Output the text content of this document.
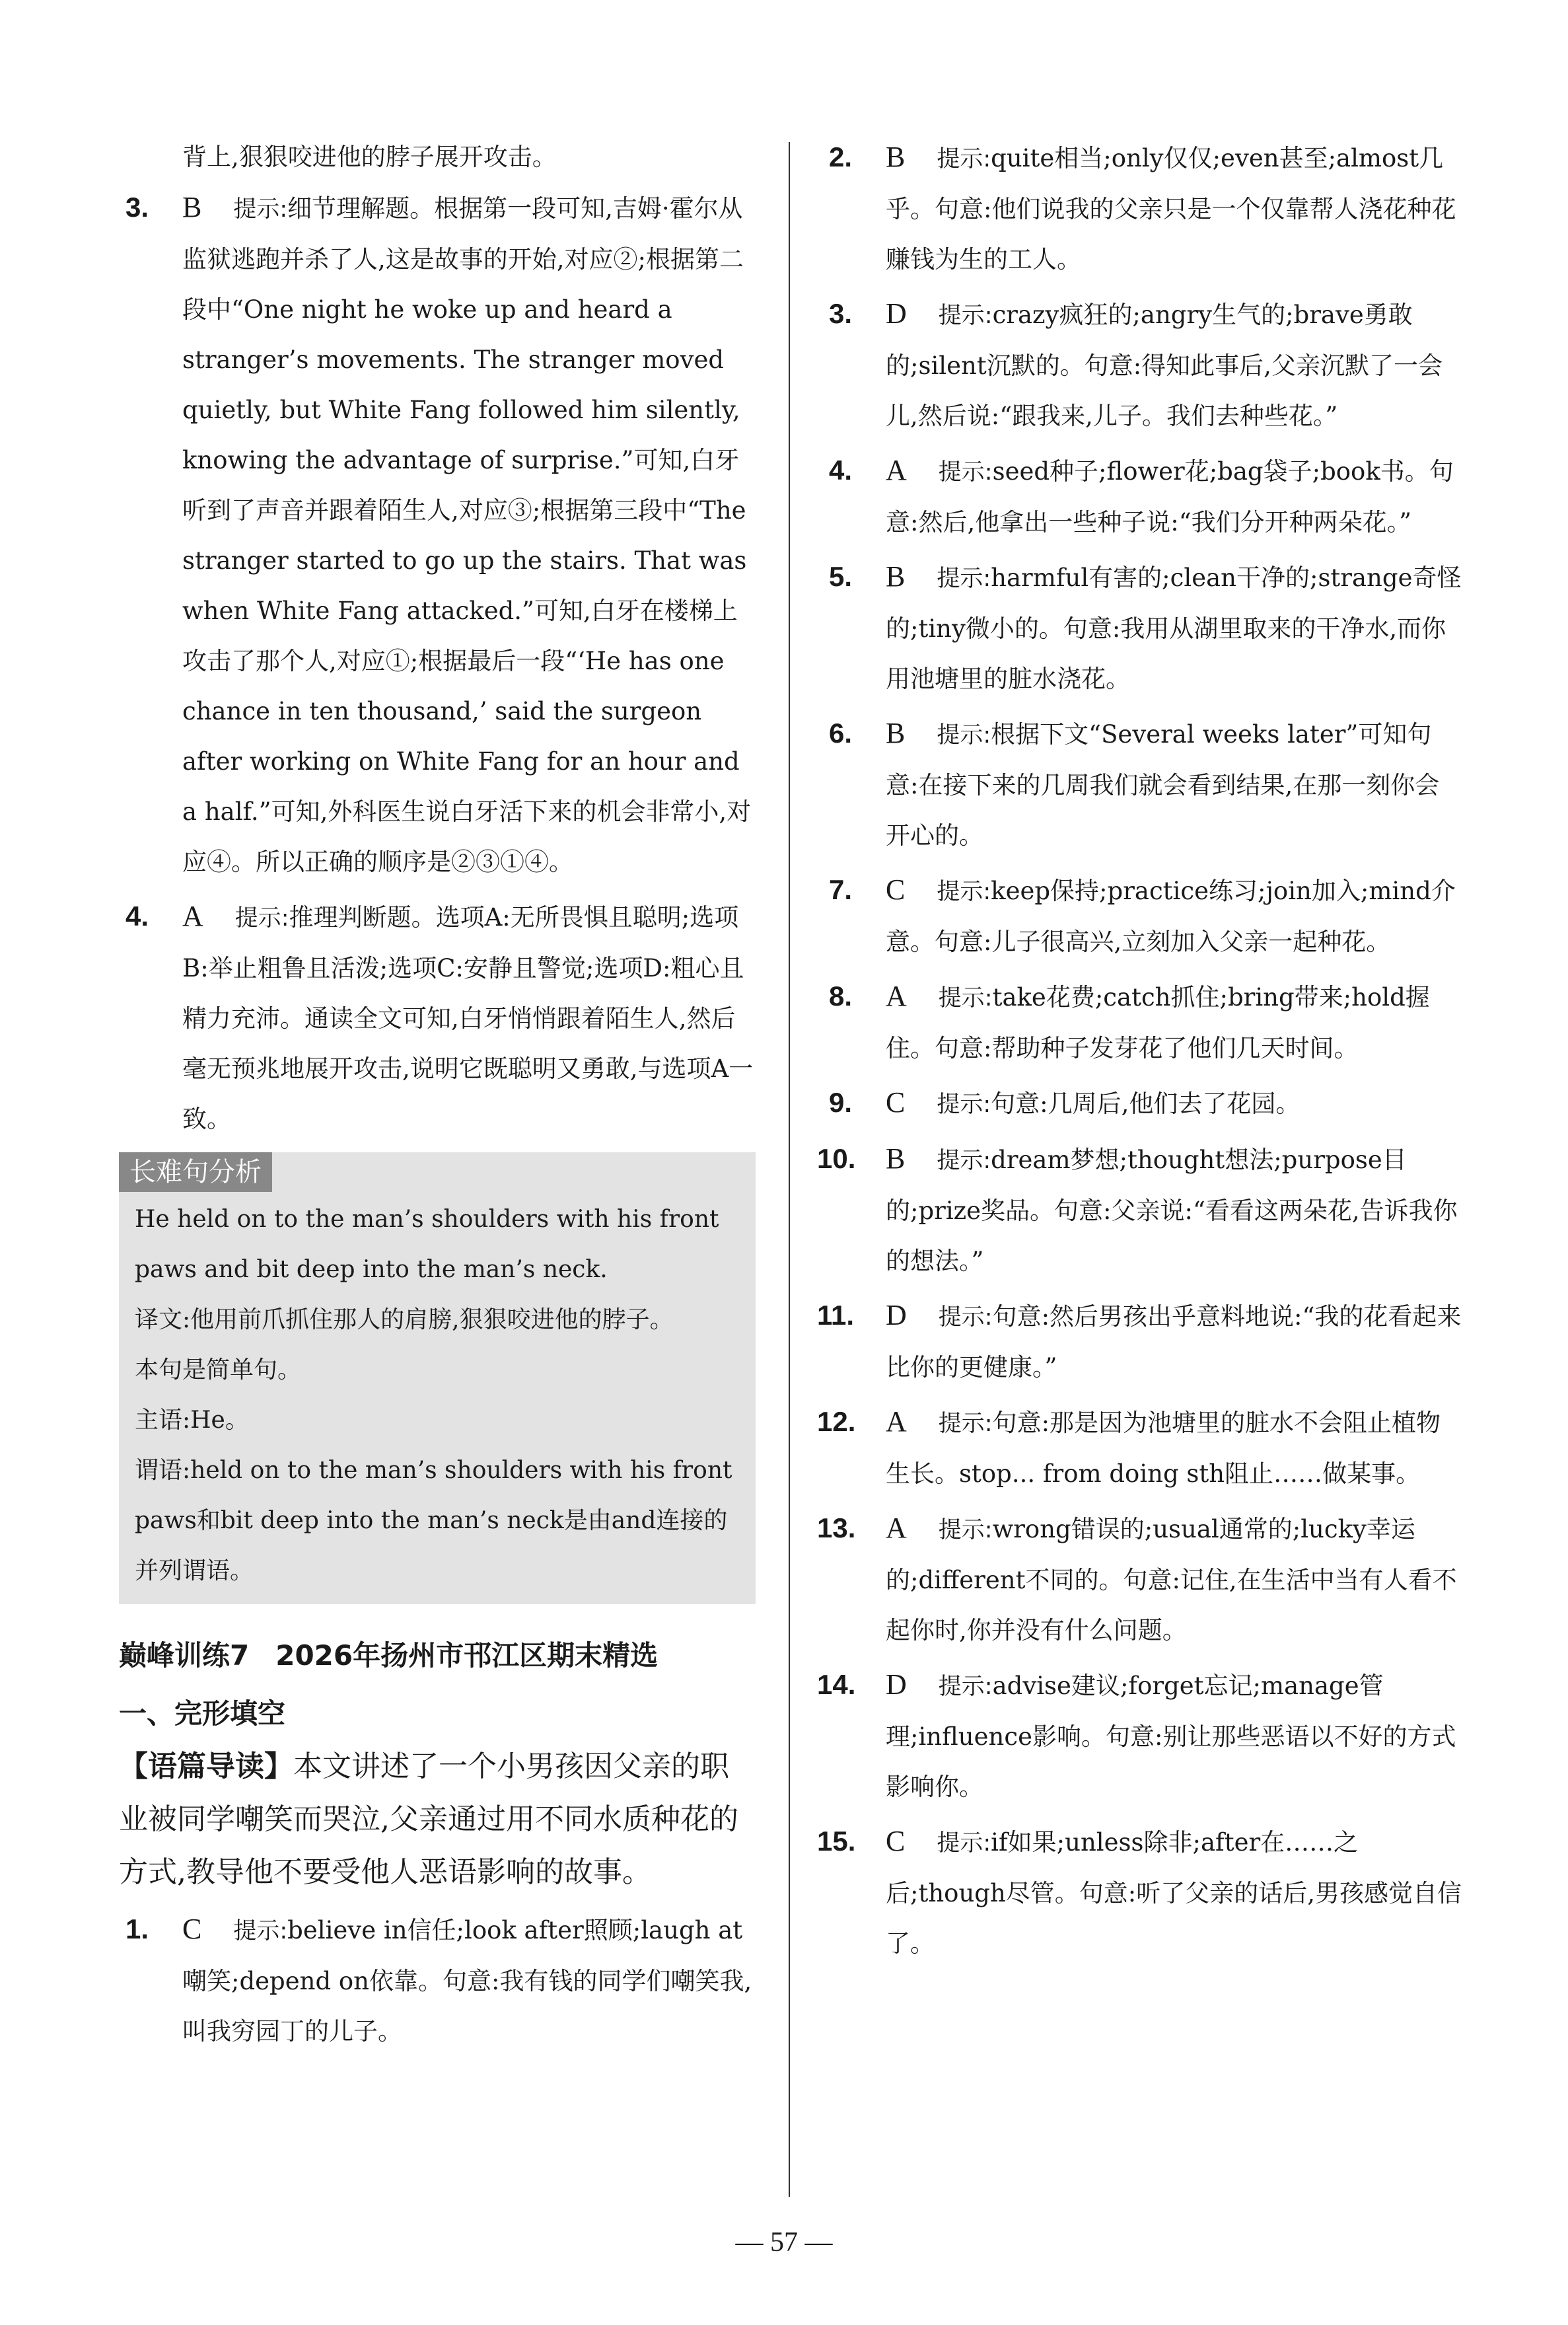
背上,狠狠咬进他的脖子展开攻击。

3. B 提示:细节理解题。根据第一段可知,吉姆·霍尔从监狱逃跑并杀了人,这是故事的开始,对应②;根据第二段中“One night he woke up and heard a stranger’s movements. The stranger moved quietly, but White Fang followed him silently, knowing the advantage of surprise.”可知,白牙听到了声音并跟着陌生人,对应③;根据第三段中“The stranger started to go up the stairs. That was when White Fang attacked.”可知,白牙在楼梯上攻击了那个人,对应①;根据最后一段“‘He has one chance in ten thousand,’ said the surgeon after working on White Fang for an hour and a half.”可知,外科医生说白牙活下来的机会非常小,对应④。所以正确的顺序是②③①④。
4. A 提示:推理判断题。选项A:无所畏惧且聪明;选项B:举止粗鲁且活泼;选项C:安静且警觉;选项D:粗心且精力充沛。通读全文可知,白牙悄悄跟着陌生人,然后毫无预兆地展开攻击,说明它既聪明又勇敢,与选项A一致。
长难句分析
He held on to the man’s shoulders with his front paws and bit deep into the man’s neck.
译文:他用前爪抓住那人的肩膀,狠狠咬进他的脖子。
本句是简单句。
主语:He。
谓语:held on to the man’s shoulders with his front paws和bit deep into the man’s neck是由and连接的并列谓语。

巅峰训练7 2026年扬州市邗江区期末精选

一、完形填空

【语篇导读】本文讲述了一个小男孩因父亲的职业被同学嘲笑而哭泣,父亲通过用不同水质种花的方式,教导他不要受他人恶语影响的故事。

1. C 提示:believe in信任;look after照顾;laugh at嘲笑;depend on依靠。句意:我有钱的同学们嘲笑我,叫我穷园丁的儿子。
2. B 提示:quite相当;only仅仅;even甚至;almost几乎。句意:他们说我的父亲只是一个仅靠帮人浇花种花赚钱为生的工人。
3. D 提示:crazy疯狂的;angry生气的;brave勇敢的;silent沉默的。句意:得知此事后,父亲沉默了一会儿,然后说:“跟我来,儿子。我们去种些花。”
4. A 提示:seed种子;flower花;bag袋子;book书。句意:然后,他拿出一些种子说:“我们分开种两朵花。”
5. B 提示:harmful有害的;clean干净的;strange奇怪的;tiny微小的。句意:我用从湖里取来的干净水,而你用池塘里的脏水浇花。
6. B 提示:根据下文“Several weeks later”可知句意:在接下来的几周我们就会看到结果,在那一刻你会开心的。
7. C 提示:keep保持;practice练习;join加入;mind介意。句意:儿子很高兴,立刻加入父亲一起种花。
8. A 提示:take花费;catch抓住;bring带来;hold握住。句意:帮助种子发芽花了他们几天时间。
9. C 提示:句意:几周后,他们去了花园。
10. B 提示:dream梦想;thought想法;purpose目的;prize奖品。句意:父亲说:“看看这两朵花,告诉我你的想法。”
11. D 提示:句意:然后男孩出乎意料地说:“我的花看起来比你的更健康。”
12. A 提示:句意:那是因为池塘里的脏水不会阻止植物生长。stop... from doing sth阻止……做某事。
13. A 提示:wrong错误的;usual通常的;lucky幸运的;different不同的。句意:记住,在生活中当有人看不起你时,你并没有什么问题。
14. D 提示:advise建议;forget忘记;manage管理;influence影响。句意:别让那些恶语以不好的方式影响你。
15. C 提示:if如果;unless除非;after在……之后;though尽管。句意:听了父亲的话后,男孩感觉自信了。
— 57 —
